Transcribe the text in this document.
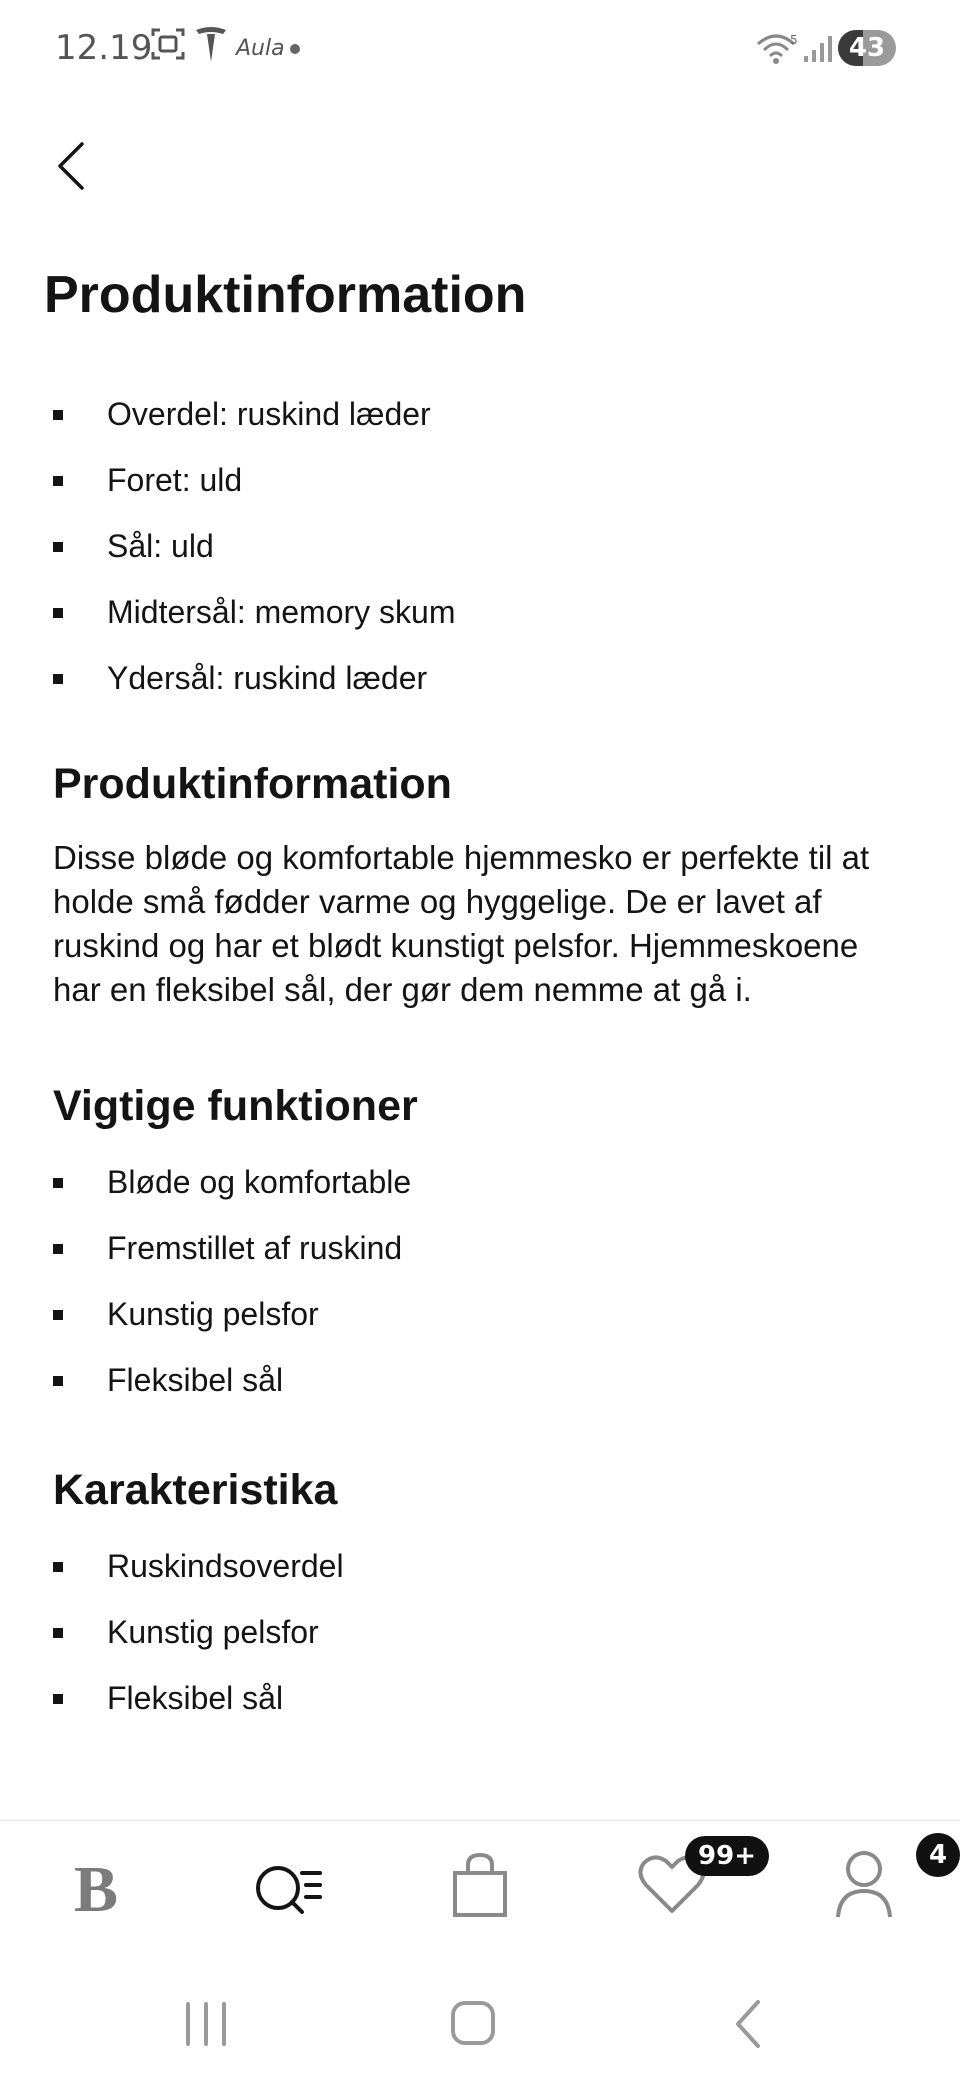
12.19	Aula	5	43
Produktinformation
Overdel: ruskind læder
Foret: uld
Sål: uld
Midtersål: memory skum
Ydersål: ruskind læder
Produktinformation

Disse bløde og komfortable hjemmesko er perfekte til at holde små fødder varme og hyggelige. De er lavet af ruskind og har et blødt kunstigt pelsfor. Hjemmeskoene har en fleksibel sål, der gør dem nemme at gå i.

Vigtige funktioner
Bløde og komfortable
Fremstillet af ruskind
Kunstig pelsfor
Fleksibel sål
Karakteristika
Ruskindsoverdel
Kunstig pelsfor
Fleksibel sål
B	4
99+
